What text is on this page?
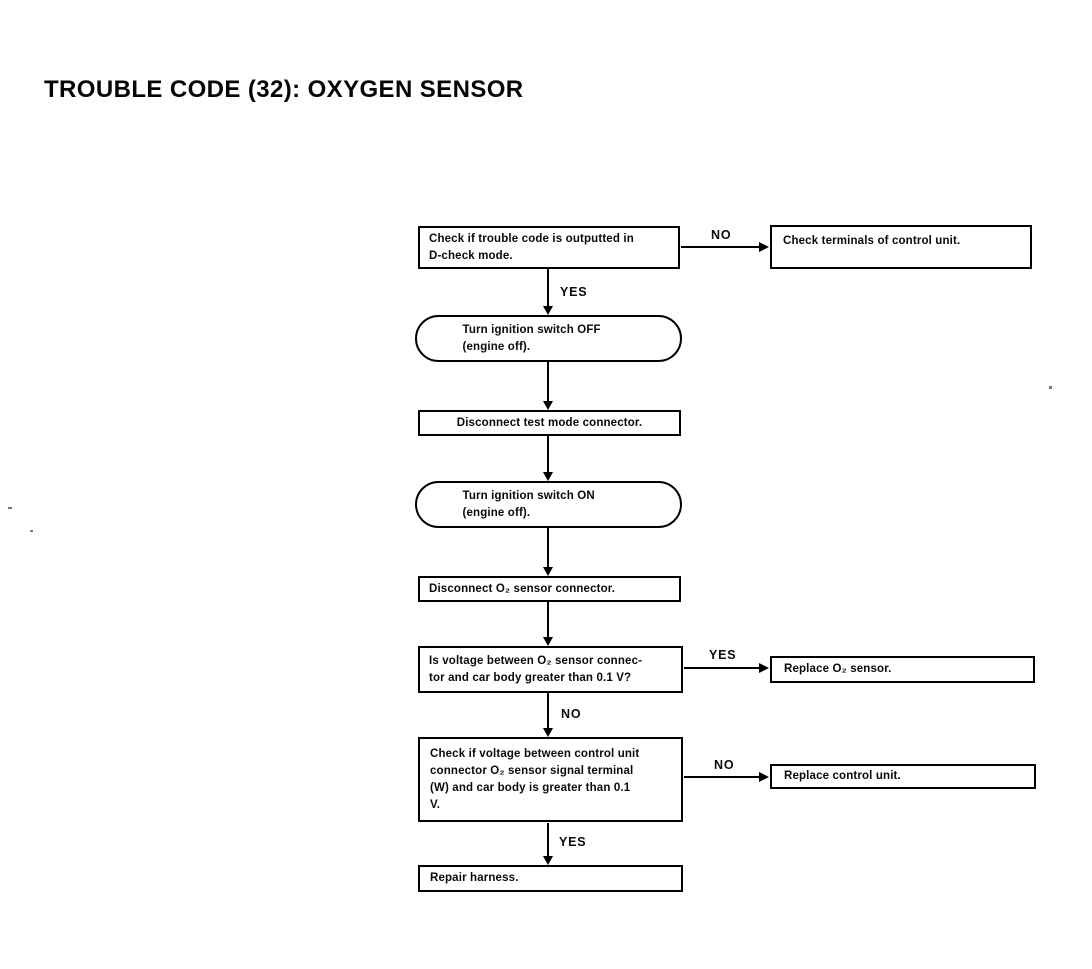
TROUBLE CODE (32): OXYGEN SENSOR
Check if trouble code is outputted in
D-check mode.
NO	Check terminals of control unit.
YES
Turn ignition switch OFF
(engine off).
Disconnect test mode connector.
Turn ignition switch ON
(engine off).
Disconnect O₂ sensor connector.
Is voltage between O₂ sensor connec-
tor and car body greater than 0.1 V?
YES
Replace O₂ sensor.
NO
Check if voltage between control unit
connector O₂ sensor signal terminal
(W) and car body is greater than 0.1
V.
NO
Replace control unit.
YES
Repair harness.
